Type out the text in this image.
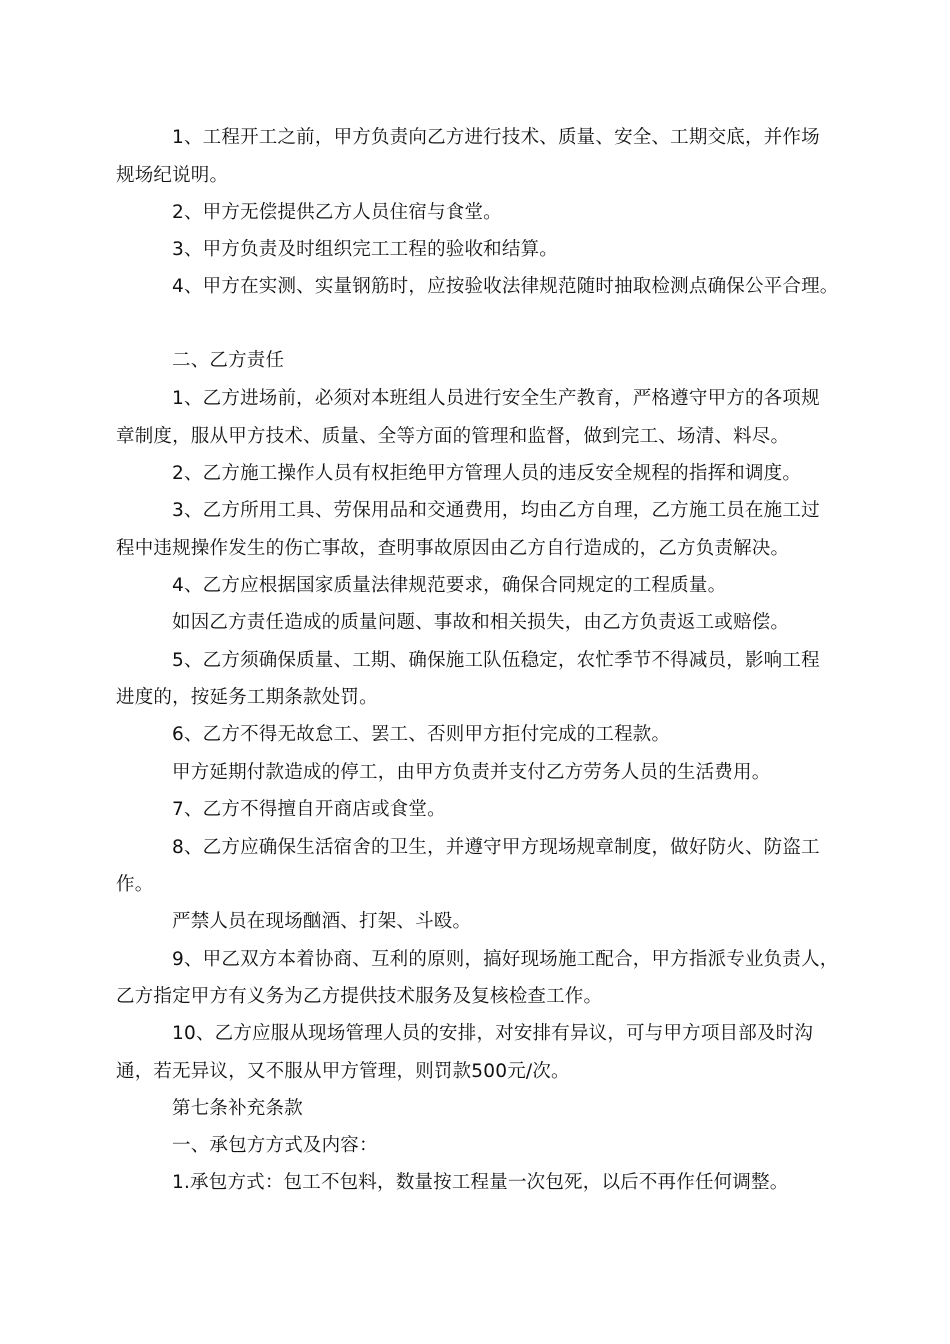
1、工程开工之前，甲方负责向乙方进行技术、质量、安全、工期交底，并作场
规场纪说明。
2、甲方无偿提供乙方人员住宿与食堂。
3、甲方负责及时组织完工工程的验收和结算。
4、甲方在实测、实量钢筋时，应按验收法律规范随时抽取检测点确保公平合理。
二、乙方责任
1、乙方进场前，必须对本班组人员进行安全生产教育，严格遵守甲方的各项规
章制度，服从甲方技术、质量、全等方面的管理和监督，做到完工、场清、料尽。
2、乙方施工操作人员有权拒绝甲方管理人员的违反安全规程的指挥和调度。
3、乙方所用工具、劳保用品和交通费用，均由乙方自理，乙方施工员在施工过
程中违规操作发生的伤亡事故，查明事故原因由乙方自行造成的，乙方负责解决。
4、乙方应根据国家质量法律规范要求，确保合同规定的工程质量。
如因乙方责任造成的质量问题、事故和相关损失，由乙方负责返工或赔偿。
5、乙方须确保质量、工期、确保施工队伍稳定，农忙季节不得减员，影响工程
进度的，按延务工期条款处罚。
6、乙方不得无故怠工、罢工、否则甲方拒付完成的工程款。
甲方延期付款造成的停工，由甲方负责并支付乙方劳务人员的生活费用。
7、乙方不得擅自开商店或食堂。
8、乙方应确保生活宿舍的卫生，并遵守甲方现场规章制度，做好防火、防盗工
作。
严禁人员在现场酗酒、打架、斗殴。
9、甲乙双方本着协商、互利的原则，搞好现场施工配合，甲方指派专业负责人，
乙方指定甲方有义务为乙方提供技术服务及复核检查工作。
10、乙方应服从现场管理人员的安排，对安排有异议，可与甲方项目部及时沟
通，若无异议，又不服从甲方管理，则罚款500元/次。
第七条补充条款
一、承包方方式及内容：
1.承包方式：包工不包料，数量按工程量一次包死，以后不再作任何调整。
